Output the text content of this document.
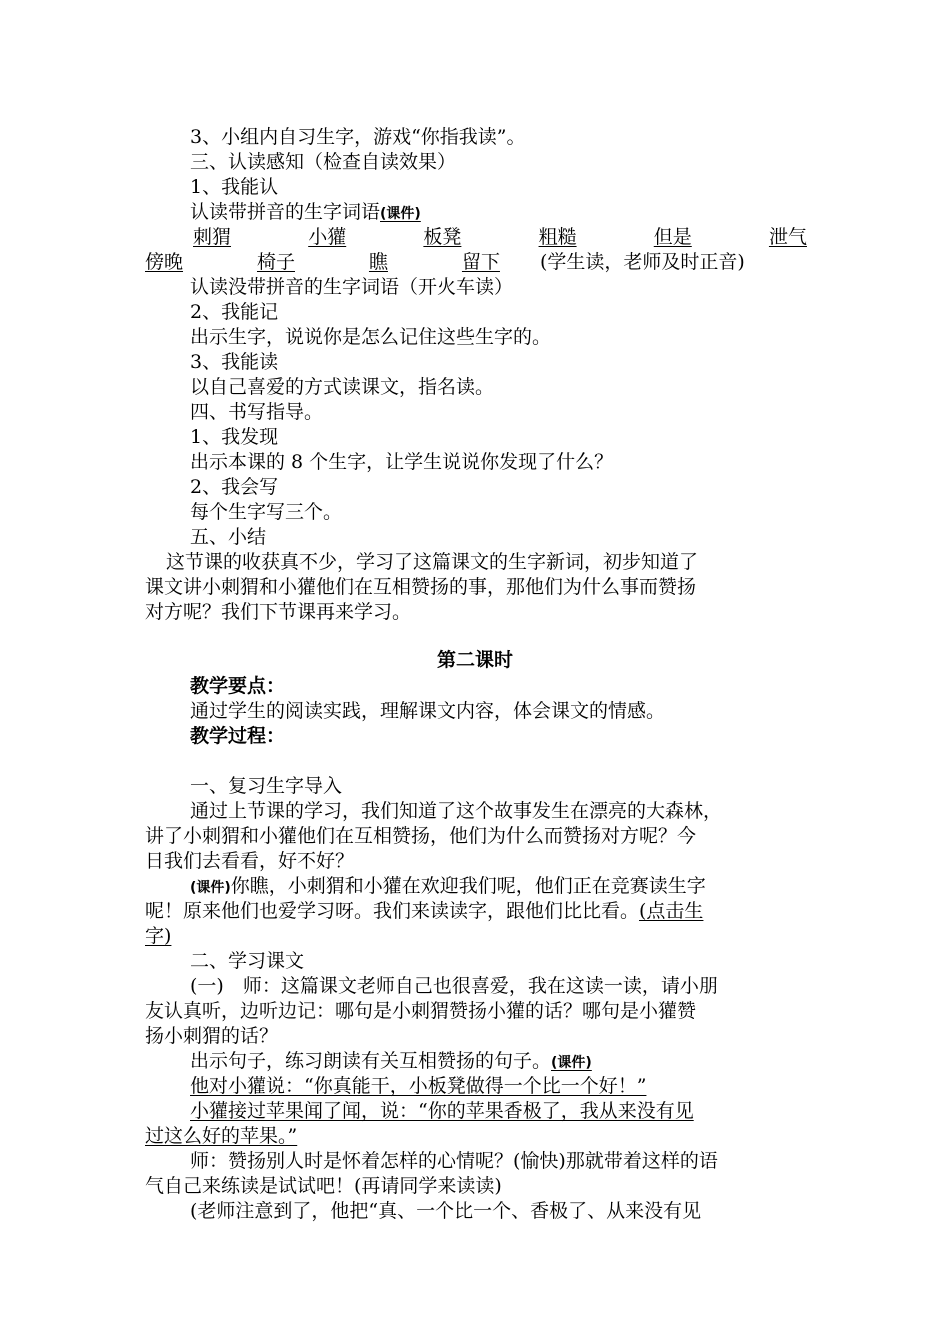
3、小组内自习生字，游戏“你指我读”。
三、认读感知（检查自读效果）
1、我能认
认读带拼音的生字词语(课件)
刺猬	小獾	板凳	粗糙	但是	泄气
傍晚	椅子	瞧	留下 (学生读，老师及时正音)
认读没带拼音的生字词语（开火车读）
2、我能记
出示生字，说说你是怎么记住这些生字的。
3、我能读
以自己喜爱的方式读课文，指名读。
四、书写指导。
1、我发现
出示本课的 8 个生字，让学生说说你发现了什么？
2、我会写
每个生字写三个。
五、小结
这节课的收获真不少，学习了这篇课文的生字新词，初步知道了
课文讲小刺猬和小獾他们在互相赞扬的事，那他们为什么事而赞扬
对方呢？我们下节课再来学习。
第二课时
教学要点：
通过学生的阅读实践，理解课文内容，体会课文的情感。
教学过程：
一、复习生字导入
通过上节课的学习，我们知道了这个故事发生在漂亮的大森林，
讲了小刺猬和小獾他们在互相赞扬，他们为什么而赞扬对方呢？今
日我们去看看，好不好？
(课件)你瞧，小刺猬和小獾在欢迎我们呢，他们正在竞赛读生字
呢！原来他们也爱学习呀。我们来读读字，跟他们比比看。(点击生
字)
二、学习课文
(一)　师：这篇课文老师自己也很喜爱，我在这读一读，请小朋
友认真听，边听边记：哪句是小刺猬赞扬小獾的话？哪句是小獾赞
扬小刺猬的话？
出示句子，练习朗读有关互相赞扬的句子。(课件)
他对小獾说：“你真能干，小板凳做得一个比一个好！”
小獾接过苹果闻了闻，说：“你的苹果香极了，我从来没有见
过这么好的苹果。”
师：赞扬别人时是怀着怎样的心情呢？(愉快)那就带着这样的语
气自己来练读是试试吧！(再请同学来读读)
(老师注意到了，他把“真、一个比一个、香极了、从来没有见
